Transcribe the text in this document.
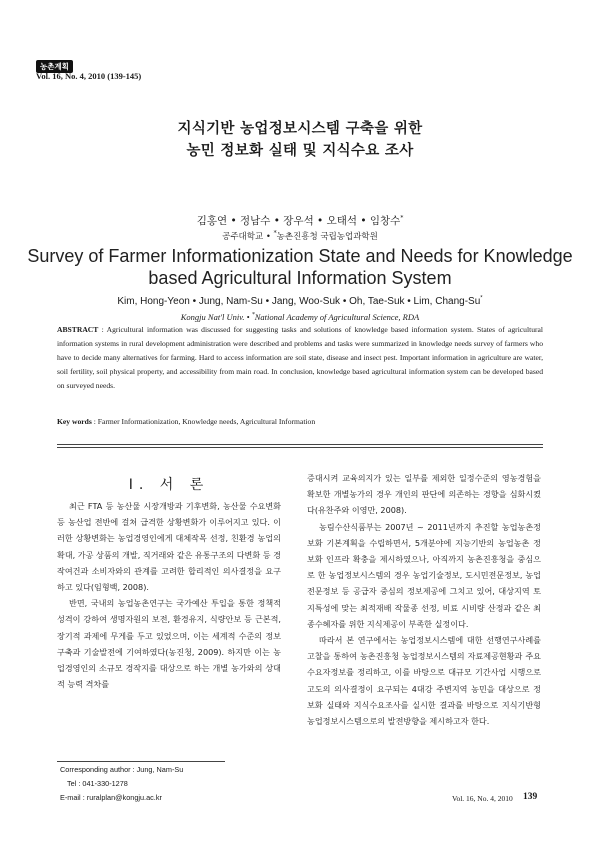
농촌계획
Vol. 16, No. 4, 2010 (139-145)
지식기반 농업정보시스템 구축을 위한
농민 정보화 실태 및 지식수요 조사
김홍연 • 정남수 • 장우석 • 오태석 • 임창수*
공주대학교 • *농촌진흥청 국립농업과학원
Survey of Farmer Informationization State and Needs for Knowledge
based Agricultural Information System
Kim, Hong-Yeon • Jung, Nam-Su • Jang, Woo-Suk • Oh, Tae-Suk • Lim, Chang-Su*
Kongju Nat'l Univ. • *National Academy of Agricultural Science, RDA
ABSTRACT : Agricultural information was discussed for suggesting tasks and solutions of knowledge based information system. States of agricultural information systems in rural development administration were described and problems and tasks were summarized in knowledge needs survey of farmers who have to decide many alternatives for farming. Hard to access information are soil state, disease and insect pest. Important information in agriculture are water, soil fertility, soil physical property, and accessibility from main road. In conclusion, knowledge based agricultural information system can be developed based on surveyed needs.
Key words : Farmer Informationization, Knowledge needs, Agricultural Information
Ⅰ. 서 론

최근 FTA 등 농산물 시장개방과 기후변화, 농산물 수요변화 등 농산업 전반에 걸쳐 급격한 상황변화가 이루어지고 있다. 이러한 상황변화는 농업경영인에게 대체작목 선정, 친환경 농업의 확대, 가공 상품의 개발, 직거래와 같은 유통구조의 다변화 등 경작여건과 소비자와의 관계를 고려한 합리적인 의사결정을 요구하고 있다(임형백, 2008).

반면, 국내의 농업농촌연구는 국가예산 투입을 통한 정책적 성격이 강하여 생명자원의 보전, 환경유지, 식량안보 등 근본적, 장기적 과제에 무게를 두고 있었으며, 이는 세계적 수준의 정보구축과 기술발전에 기여하였다(농진청, 2009). 하지만 이는 농업경영인의 소규모 경작지를 대상으로 하는 개별 농가와의 상대적 능력 격차를

증대시켜 교육의지가 있는 일부를 제외한 일정수준의 영농경험을 확보한 개별농가의 경우 개인의 판단에 의존하는 경향을 심화시켰다(유찬주와 이영만, 2008).

농림수산식품부는 2007년 ~ 2011년까지 추진할 농업농촌정보화 기본계획을 수립하면서, 5개분야에 지능기반의 농업농촌 정보화 인프라 확충을 제시하였으나, 아직까지 농촌진흥청을 중심으로 한 농업정보시스템의 경우 농업기술정보, 도시민전문정보, 농업전문정보 등 공급자 중심의 정보제공에 그치고 있어, 대상지역 토지특성에 맞는 최적재배 작물종 선정, 비료 시비량 산정과 같은 최종수혜자를 위한 지식제공이 부족한 실정이다.

따라서 본 연구에서는 농업정보시스템에 대한 선행연구사례를 고찰을 통하여 농촌진흥청 농업정보시스템의 자료제공현황과 주요 수요자정보를 정리하고, 이를 바탕으로 대규모 기간사업 시행으로 고도의 의사결정이 요구되는 4대강 주변지역 농민을 대상으로 정보화 실태와 지식수요조사를 실시한 결과를 바탕으로 지식기반형 농업정보시스템으로의 발전방향을 제시하고자 한다.

Corresponding author : Jung, Nam-Su
Tel : 041-330-1278
E-mail : ruralplan@kongju.ac.kr	Vol. 16, No. 4, 2010 139
